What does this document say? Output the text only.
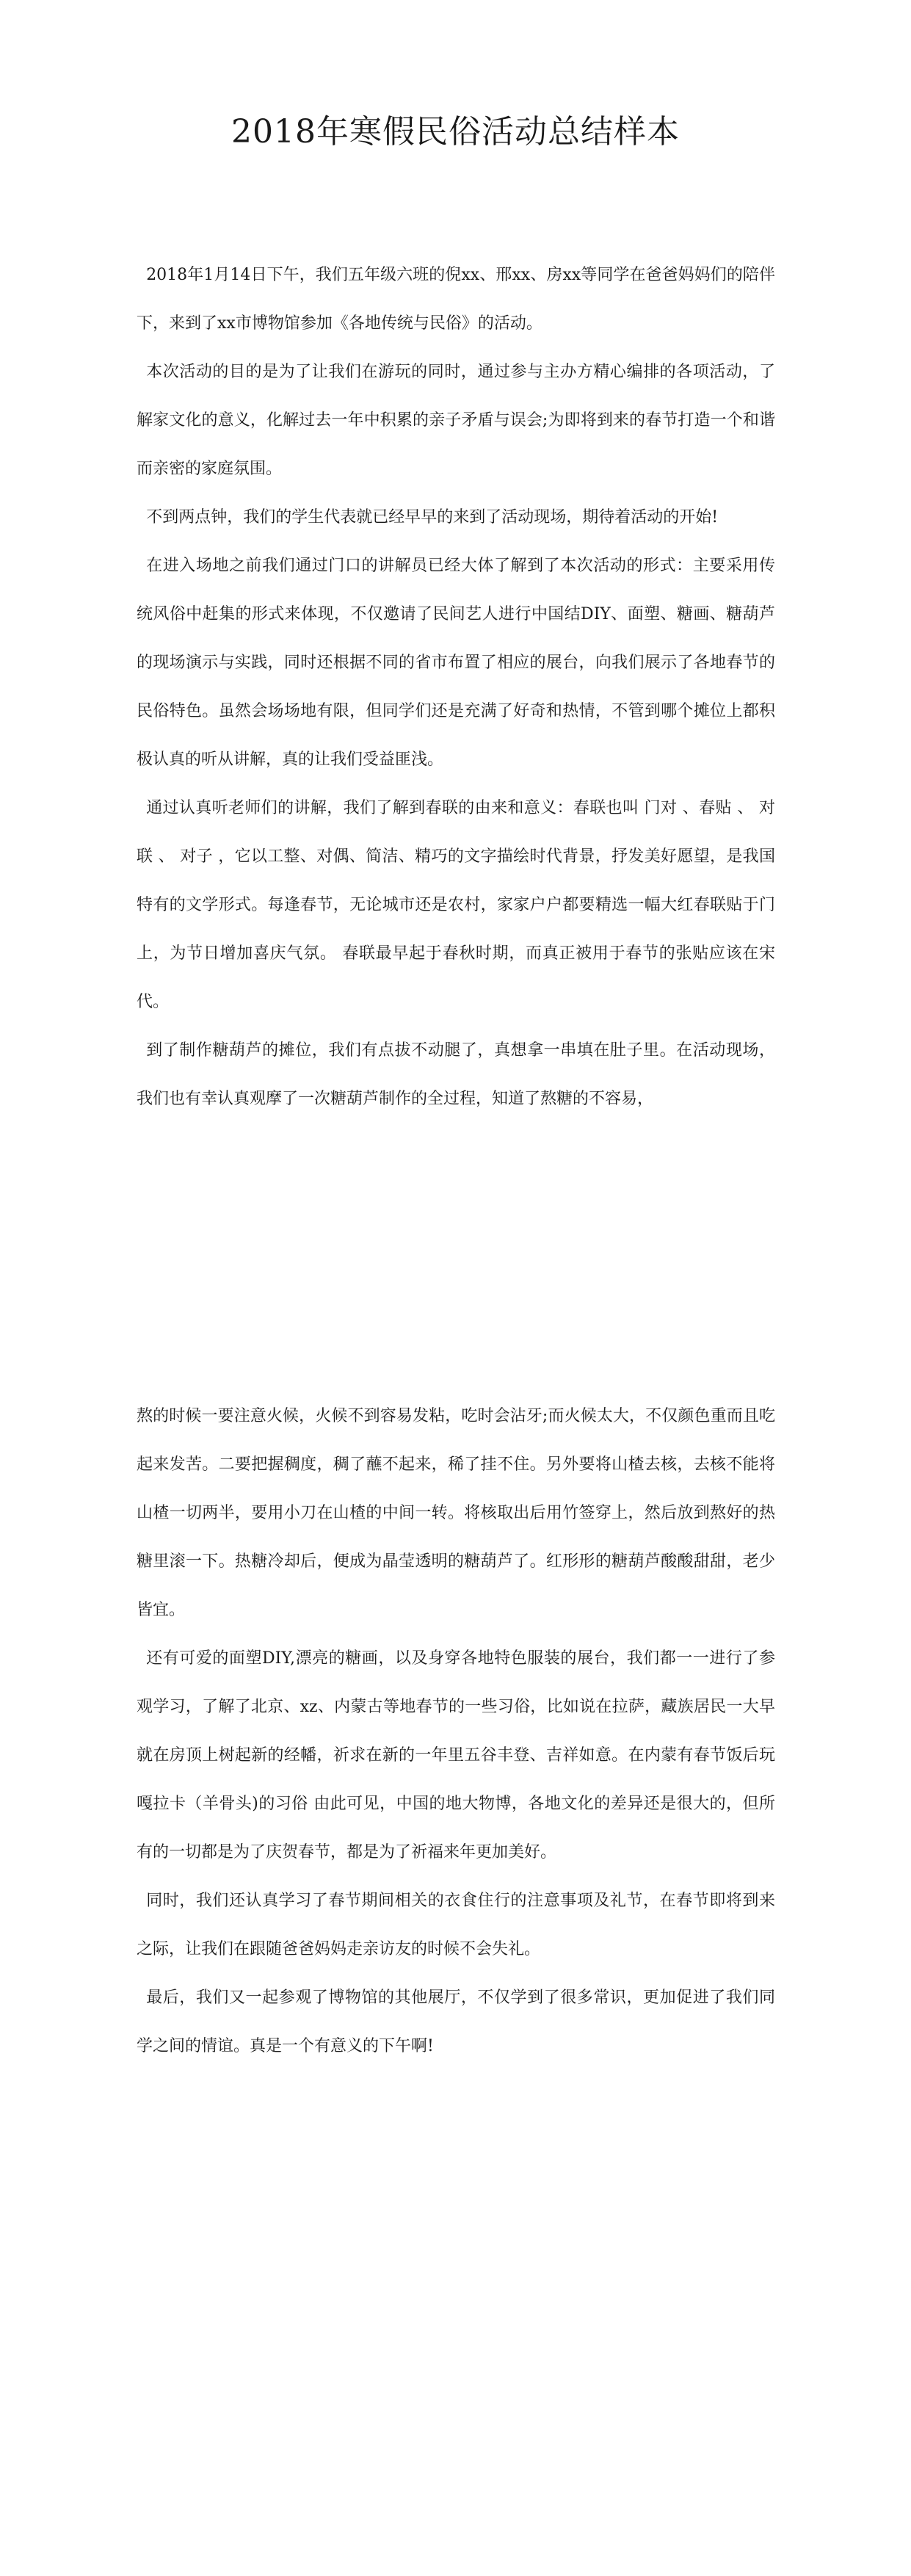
2018年寒假民俗活动总结样本

2018年1月14日下午，我们五年级六班的倪xx、邢xx、房xx等同学在爸爸妈妈们的陪伴下，来到了xx市博物馆参加《各地传统与民俗》的活动。

本次活动的目的是为了让我们在游玩的同时，通过参与主办方精心编排的各项活动，了解家文化的意义，化解过去一年中积累的亲子矛盾与误会;为即将到来的春节打造一个和谐而亲密的家庭氛围。

不到两点钟，我们的学生代表就已经早早的来到了活动现场，期待着活动的开始!

在进入场地之前我们通过门口的讲解员已经大体了解到了本次活动的形式：主要采用传统风俗中赶集的形式来体现，不仅邀请了民间艺人进行中国结DIY、面塑、糖画、糖葫芦的现场演示与实践，同时还根据不同的省市布置了相应的展台，向我们展示了各地春节的民俗特色。虽然会场场地有限，但同学们还是充满了好奇和热情，不管到哪个摊位上都积极认真的听从讲解，真的让我们受益匪浅。

通过认真听老师们的讲解，我们了解到春联的由来和意义：春联也叫 门对 、春贴 、 对联 、 对子 ，它以工整、对偶、简洁、精巧的文字描绘时代背景，抒发美好愿望，是我国特有的文学形式。每逢春节，无论城市还是农村，家家户户都要精选一幅大红春联贴于门上，为节日增加喜庆气氛。 春联最早起于春秋时期，而真正被用于春节的张贴应该在宋代。

到了制作糖葫芦的摊位，我们有点拔不动腿了，真想拿一串填在肚子里。在活动现场，我们也有幸认真观摩了一次糖葫芦制作的全过程，知道了熬糖的不容易，

熬的时候一要注意火候，火候不到容易发粘，吃时会沾牙;而火候太大，不仅颜色重而且吃起来发苦。二要把握稠度，稠了蘸不起来，稀了挂不住。另外要将山楂去核，去核不能将山楂一切两半，要用小刀在山楂的中间一转。将核取出后用竹签穿上，然后放到熬好的热糖里滚一下。热糖冷却后，便成为晶莹透明的糖葫芦了。红形形的糖葫芦酸酸甜甜，老少皆宜。

还有可爱的面塑DIY,漂亮的糖画，以及身穿各地特色服装的展台，我们都一一进行了参观学习，了解了北京、xz、内蒙古等地春节的一些习俗，比如说在拉萨，藏族居民一大早就在房顶上树起新的经幡，祈求在新的一年里五谷丰登、吉祥如意。在内蒙有春节饭后玩 嘎拉卡（羊骨头)的习俗 由此可见，中国的地大物博，各地文化的差异还是很大的，但所有的一切都是为了庆贺春节，都是为了祈福来年更加美好。

同时，我们还认真学习了春节期间相关的衣食住行的注意事项及礼节，在春节即将到来之际，让我们在跟随爸爸妈妈走亲访友的时候不会失礼。

最后，我们又一起参观了博物馆的其他展厅，不仅学到了很多常识，更加促进了我们同学之间的情谊。真是一个有意义的下午啊!
